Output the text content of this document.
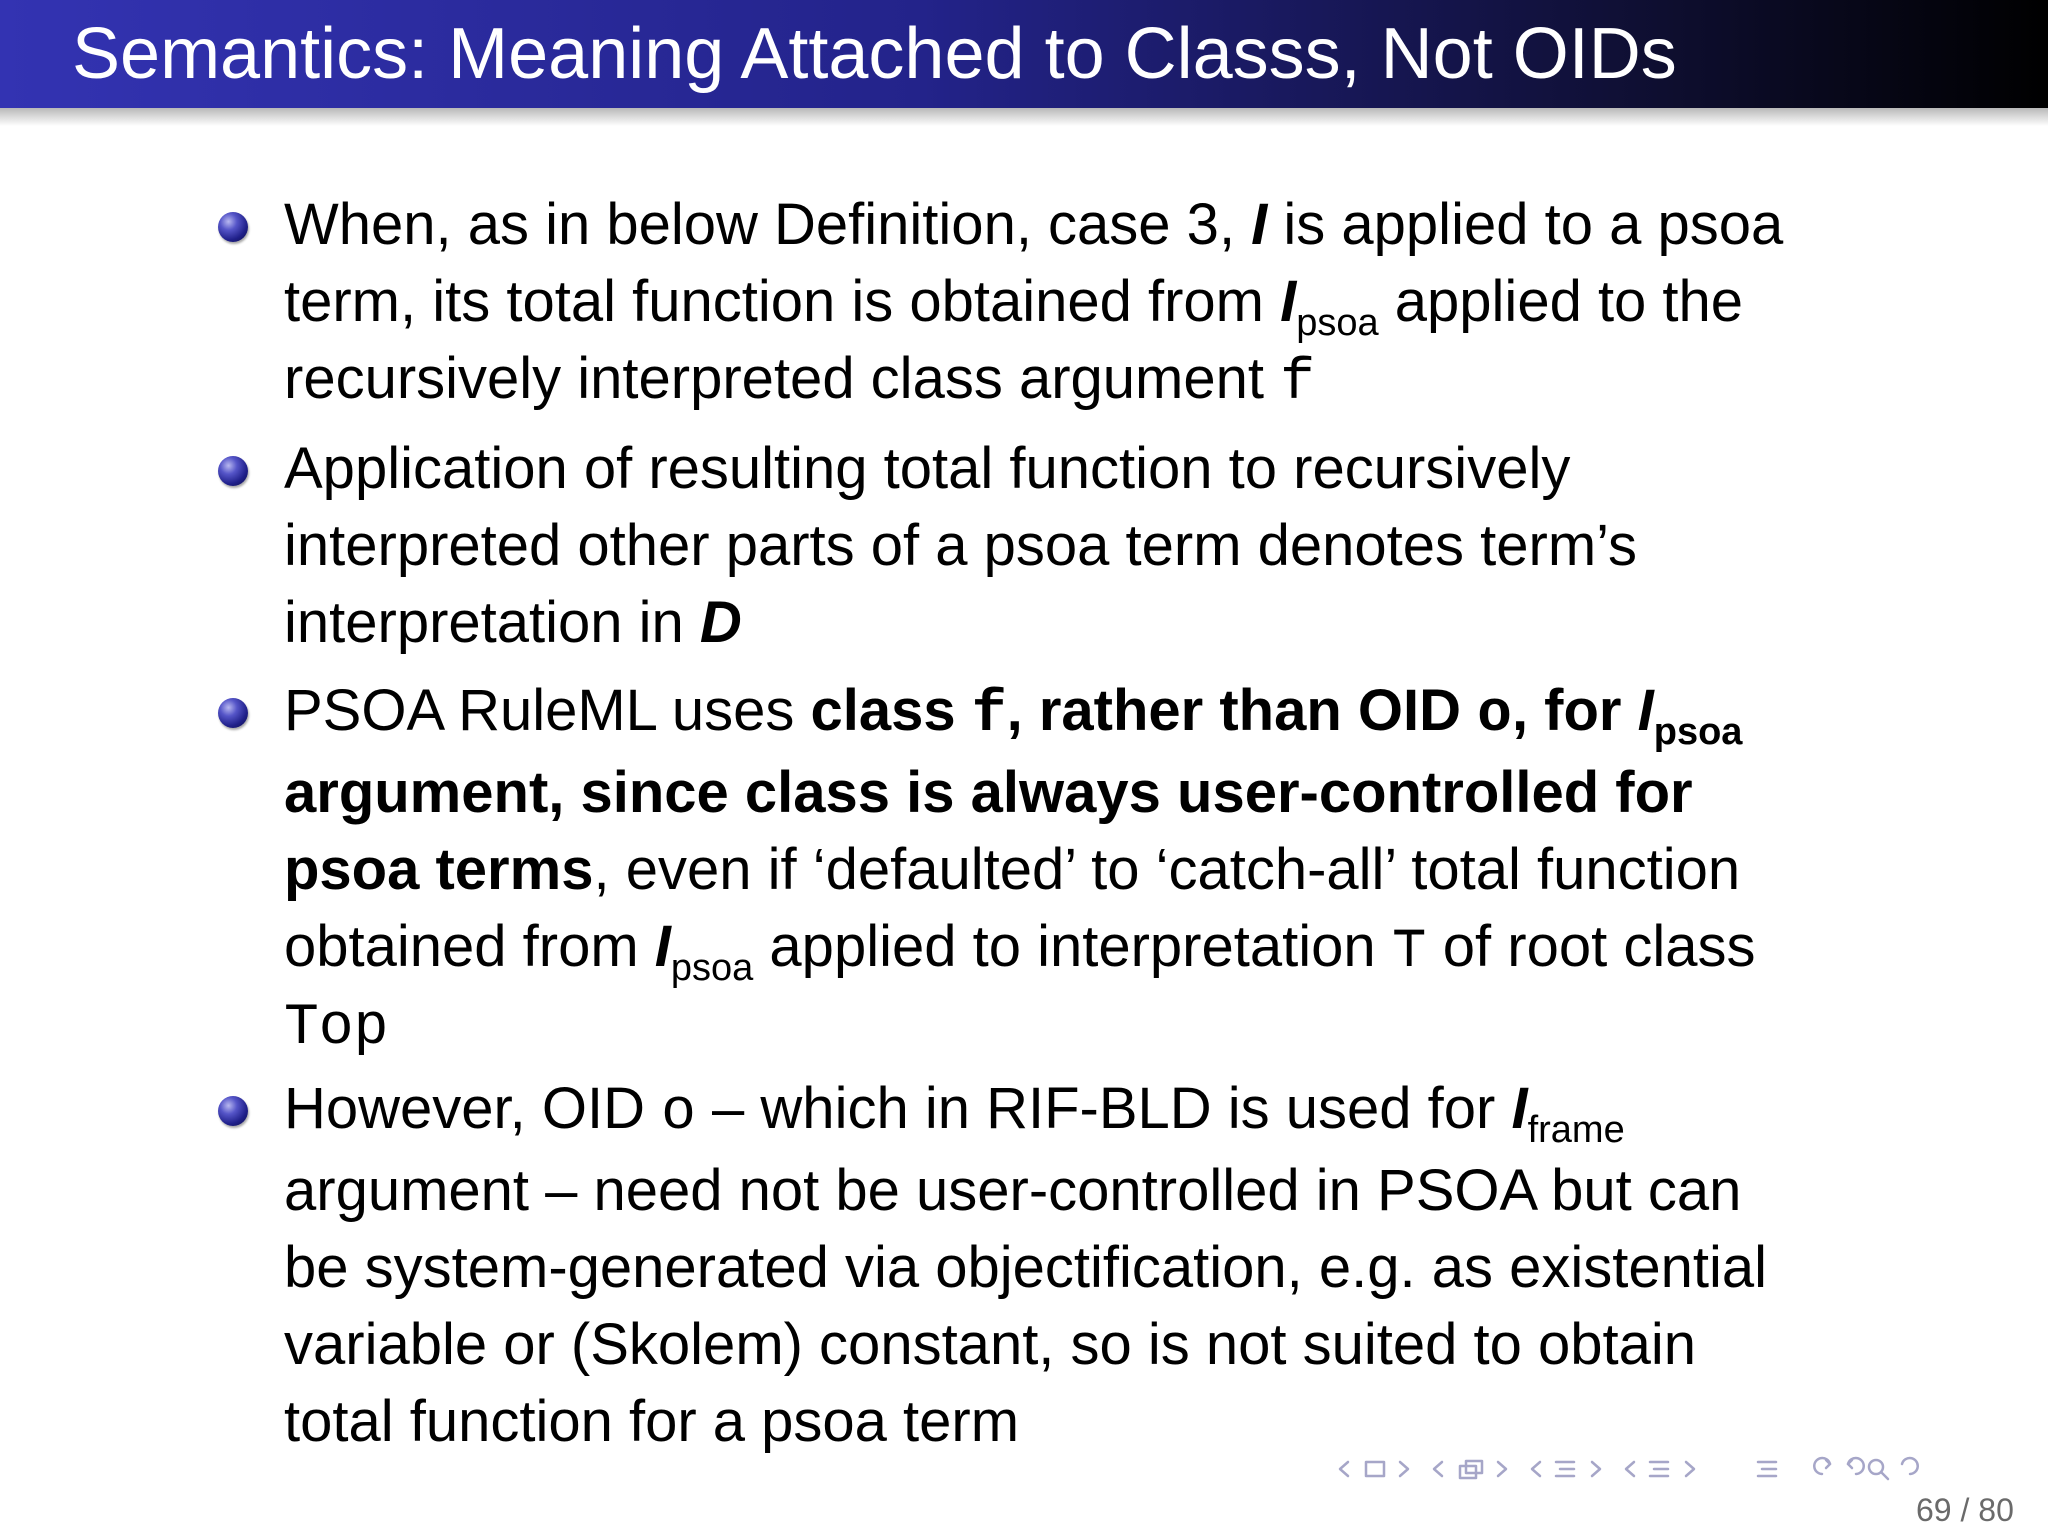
Semantics: Meaning Attached to Classs, Not OIDs
When, as in below Definition, case 3, I is applied to a psoa
term, its total function is obtained from $I_{psoa}$ applied to the
recursively interpreted class argument f
Application of resulting total function to recursively
interpreted other parts of a psoa term denotes term’s
interpretation in D
PSOA RuleML uses class f, rather than OID o, for $I_{psoa}$
argument, since class is always user-controlled for
psoa terms, even if ‘defaulted’ to ‘catch-all’ total function
obtained from $I_{psoa}$ applied to interpretation ⊤ of root class
Top
However, OID o – which in RIF-BLD is used for $I_{frame}$
argument – need not be user-controlled in PSOA but can
be system-generated via objectification, e.g. as existential
variable or (Skolem) constant, so is not suited to obtain
total function for a psoa term
69 / 80
